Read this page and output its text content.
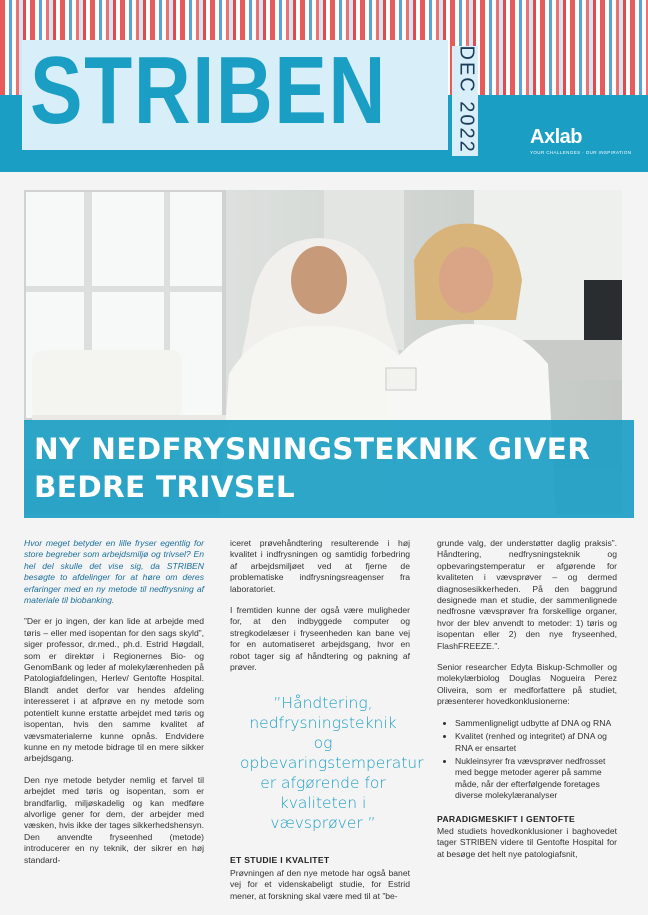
STRIBEN	DEC 2022	Axlab
YOUR CHALLENGES · OUR INSPIRATION
NY NEDFRYSNINGSTEKNIK GIVER BEDRE TRIVSEL

Hvor meget betyder en lille fryser egentlig for store begreber som arbejdsmiljø og trivsel? En hel del skulle det vise sig, da STRIBEN besøgte to afdelinger for at høre om deres erfaringer med en ny metode til nedfrysning af materiale til biobanking.

”Der er jo ingen, der kan lide at arbejde med tøris – eller med isopentan for den sags skyld”, siger professor, dr.med., ph.d. Estrid Høgdall, som er direktør i Regionernes Bio- og GenomBank og leder af molekylærenheden på Patologiafdelingen, Herlev/ Gentofte Hospital. Blandt andet derfor var hendes afdeling interesseret i at afprøve en ny metode som potentielt kunne erstatte arbejdet med tøris og isopentan, hvis den samme kvalitet af vævsmaterialerne kunne opnås. Endvidere kunne en ny metode bidrage til en mere sikker arbejdsgang.

Den nye metode betyder nemlig et farvel til arbejdet med tøris og isopentan, som er brandfarlig, miljøskadelig og kan medføre alvorlige gener for dem, der arbejder med væsken, hvis ikke der tages sikkerhedshensyn. Den anvendte fryseenhed (metode) introducerer en ny teknik, der sikrer en høj standard-

iceret prøvehåndtering resulterende i høj kvalitet i indfrysningen og samtidig forbedring af arbejdsmiljøet ved at fjerne de problematiske indfrysningsreagenser fra laboratoriet.

I fremtiden kunne der også være muligheder for, at den indbyggede computer og stregkodelæser i fryseenheden kan bane vej for en automatiseret arbejdsgang, hvor en robot tager sig af håndtering og pakning af prøver.

”Håndtering, nedfrysningsteknik og opbevaringstemperatur er afgørende for kvaliteten i vævsprøver ”

ET STUDIE I KVALITET

Prøvningen af den nye metode har også banet vej for et videnskabeligt studie, for Estrid mener, at forskning skal være med til at ”be-

grunde valg, der understøtter daglig praksis”. Håndtering, nedfrysningsteknik og opbevaringstemperatur er afgørende for kvaliteten i vævsprøver – og dermed diagnosesikkerheden. På den baggrund designede man et studie, der sammenlignede nedfrosne vævsprøver fra forskellige organer, hvor der blev anvendt to metoder: 1) tøris og isopentan eller 2) den nye fryseenhed, FlashFREEZE.”.

Senior researcher Edyta Biskup-Schmoller og molekylærbiolog Douglas Nogueira Perez Oliveira, som er medforfattere på studiet, præsenterer hovedkonklusionerne:

• Sammenligneligt udbytte af DNA og RNA
• Kvalitet (renhed og integritet) af DNA og RNA er ensartet
• Nukleinsyrer fra vævsprøver nedfrosset med begge metoder agerer på samme måde, når der efterfølgende foretages diverse molekylæranalyser

PARADIGMESKIFT I GENTOFTE

Med studiets hovedkonklusioner i baghovedet tager STRIBEN videre til Gentofte Hospital for at besøge det helt nye patologiafsnit,
